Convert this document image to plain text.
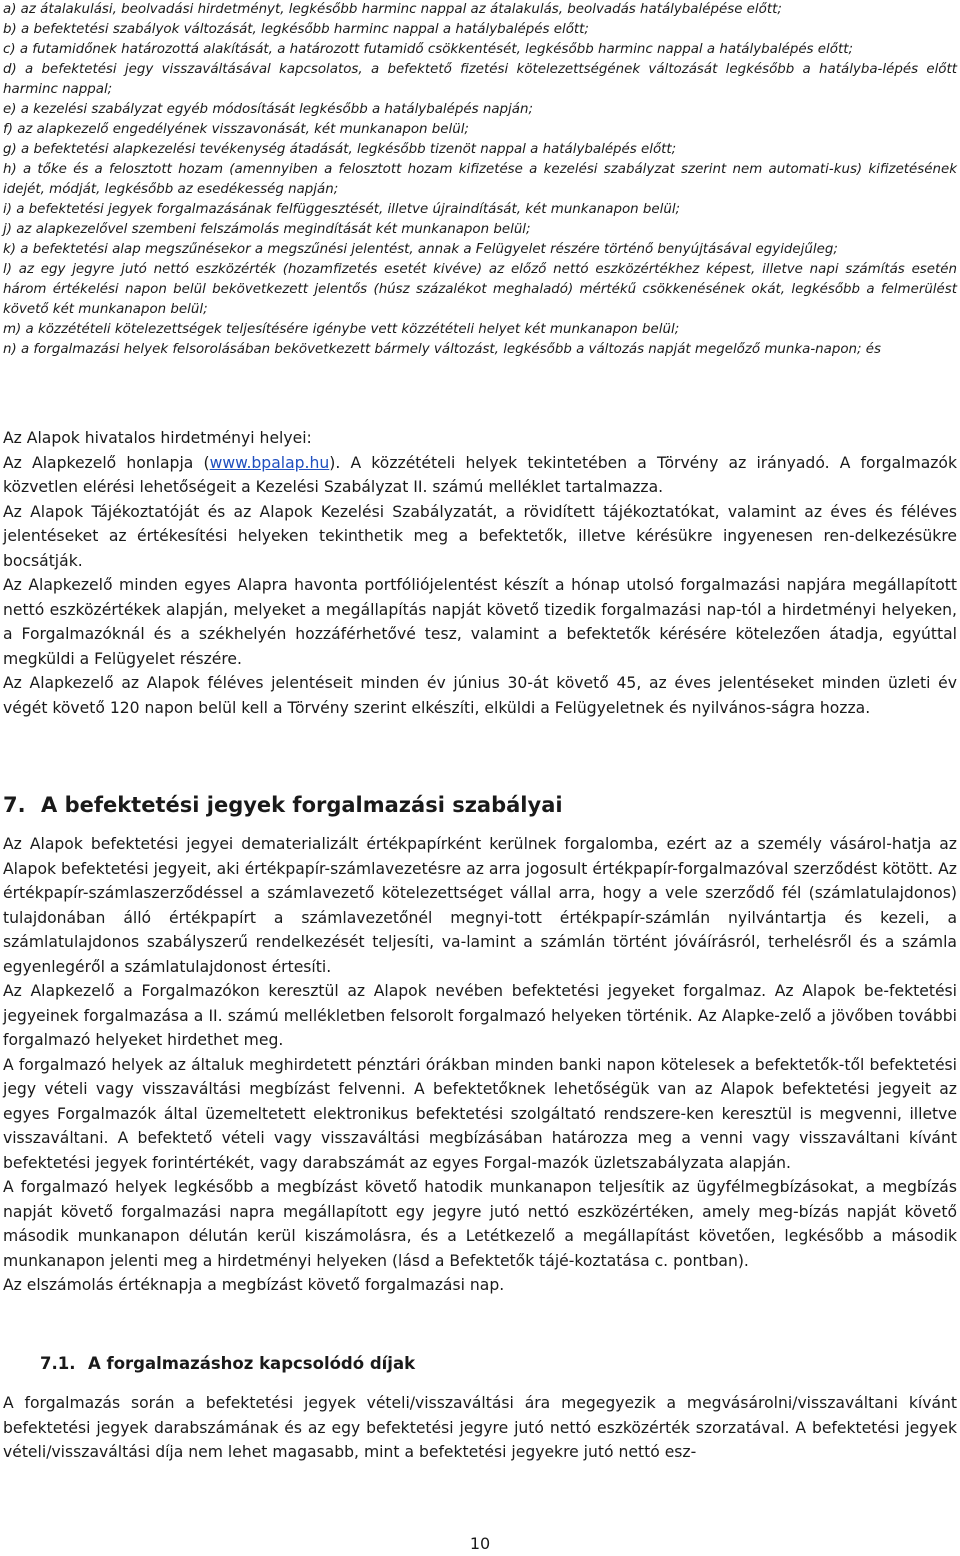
a) az átalakulási, beolvadási hirdetményt, legkésőbb harminc nappal az átalakulás, beolvadás hatálybalépése előtt;

b) a befektetési szabályok változását, legkésőbb harminc nappal a hatálybalépés előtt;

c) a futamidőnek határozottá alakítását, a határozott futamidő csökkentését, legkésőbb harminc nappal a hatálybalépés előtt;

d) a befektetési jegy visszaváltásával kapcsolatos, a befektető fizetési kötelezettségének változását legkésőbb a hatályba-lépés előtt harminc nappal;

e) a kezelési szabályzat egyéb módosítását legkésőbb a hatálybalépés napján;

f) az alapkezelő engedélyének visszavonását, két munkanapon belül;

g) a befektetési alapkezelési tevékenység átadását, legkésőbb tizenöt nappal a hatálybalépés előtt;

h) a tőke és a felosztott hozam (amennyiben a felosztott hozam kifizetése a kezelési szabályzat szerint nem automati-kus) kifizetésének idejét, módját, legkésőbb az esedékesség napján;

i) a befektetési jegyek forgalmazásának felfüggesztését, illetve újraindítását, két munkanapon belül;

j) az alapkezelővel szembeni felszámolás megindítását két munkanapon belül;

k) a befektetési alap megszűnésekor a megszűnési jelentést, annak a Felügyelet részére történő benyújtásával egyidejűleg;

l) az egy jegyre jutó nettó eszközérték (hozamfizetés esetét kivéve) az előző nettó eszközértékhez képest, illetve napi számítás esetén három értékelési napon belül bekövetkezett jelentős (húsz százalékot meghaladó) mértékű csökkenésének okát, legkésőbb a felmerülést követő két munkanapon belül;

m) a közzétételi kötelezettségek teljesítésére igénybe vett közzétételi helyet két munkanapon belül;

n) a forgalmazási helyek felsorolásában bekövetkezett bármely változást, legkésőbb a változás napját megelőző munka-napon; és

Az Alapok hivatalos hirdetményi helyei:

Az Alapkezelő honlapja (www.bpalap.hu). A közzétételi helyek tekintetében a Törvény az irányadó. A forgalmazók közvetlen elérési lehetőségeit a Kezelési Szabályzat II. számú melléklet tartalmazza.

Az Alapok Tájékoztatóját és az Alapok Kezelési Szabályzatát, a rövidített tájékoztatókat, valamint az éves és féléves jelentéseket az értékesítési helyeken tekinthetik meg a befektetők, illetve kérésükre ingyenesen ren-delkezésükre bocsátják.

Az Alapkezelő minden egyes Alapra havonta portfóliójelentést készít a hónap utolsó forgalmazási napjára megállapított nettó eszközértékek alapján, melyeket a megállapítás napját követő tizedik forgalmazási nap-tól a hirdetményi helyeken, a Forgalmazóknál és a székhelyén hozzáférhetővé tesz, valamint a befektetők kérésére kötelezően átadja, egyúttal megküldi a Felügyelet részére.

Az Alapkezelő az Alapok féléves jelentéseit minden év június 30-át követő 45, az éves jelentéseket minden üzleti év végét követő 120 napon belül kell a Törvény szerint elkészíti, elküldi a Felügyeletnek és nyilvános-ságra hozza.

7. A befektetési jegyek forgalmazási szabályai

Az Alapok befektetési jegyei dematerializált értékpapírként kerülnek forgalomba, ezért az a személy vásárol-hatja az Alapok befektetési jegyeit, aki értékpapír-számlavezetésre az arra jogosult értékpapír-forgalmazóval szerződést kötött. Az értékpapír-számlaszerződéssel a számlavezető kötelezettséget vállal arra, hogy a vele szerződő fél (számlatulajdonos) tulajdonában álló értékpapírt a számlavezetőnél megnyi-tott értékpapír-számlán nyilvántartja és kezeli, a számlatulajdonos szabályszerű rendelkezését teljesíti, va-lamint a számlán történt jóváírásról, terhelésről és a számla egyenlegéről a számlatulajdonost értesíti.

Az Alapkezelő a Forgalmazókon keresztül az Alapok nevében befektetési jegyeket forgalmaz. Az Alapok be-fektetési jegyeinek forgalmazása a II. számú mellékletben felsorolt forgalmazó helyeken történik. Az Alapke-zelő a jövőben további forgalmazó helyeket hirdethet meg.

A forgalmazó helyek az általuk meghirdetett pénztári órákban minden banki napon kötelesek a befektetők-től befektetési jegy vételi vagy visszaváltási megbízást felvenni. A befektetőknek lehetőségük van az Alapok befektetési jegyeit az egyes Forgalmazók által üzemeltetett elektronikus befektetési szolgáltató rendszere-ken keresztül is megvenni, illetve visszaváltani. A befektető vételi vagy visszaváltási megbízásában határozza meg a venni vagy visszaváltani kívánt befektetési jegyek forintértékét, vagy darabszámát az egyes Forgal-mazók üzletszabályzata alapján.

A forgalmazó helyek legkésőbb a megbízást követő hatodik munkanapon teljesítik az ügyfélmegbízásokat, a megbízás napját követő forgalmazási napra megállapított egy jegyre jutó nettó eszközértéken, amely meg-bízás napját követő második munkanapon délután kerül kiszámolásra, és a Letétkezelő a megállapítást követően, legkésőbb a második munkanapon jelenti meg a hirdetményi helyeken (lásd a Befektetők tájé-koztatása c. pontban).

Az elszámolás értéknapja a megbízást követő forgalmazási nap.

7.1. A forgalmazáshoz kapcsolódó díjak

A forgalmazás során a befektetési jegyek vételi/visszaváltási ára megegyezik a megvásárolni/visszaváltani kívánt befektetési jegyek darabszámának és az egy befektetési jegyre jutó nettó eszközérték szorzatával. A befektetési jegyek vételi/visszaváltási díja nem lehet magasabb, mint a befektetési jegyekre jutó nettó esz-

10
